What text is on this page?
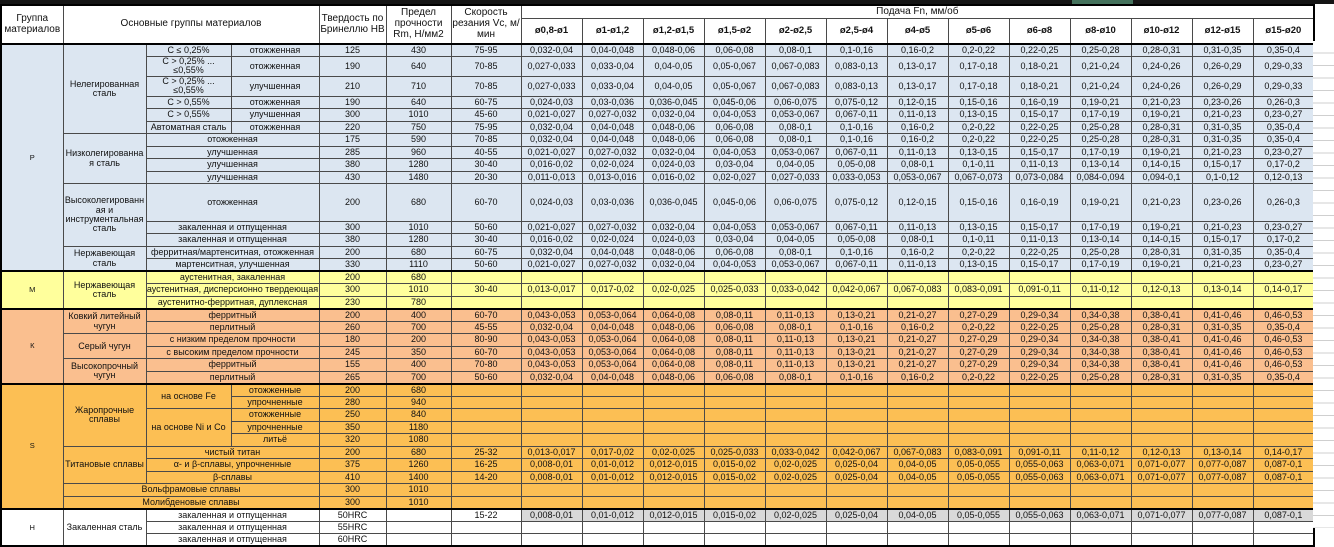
Группа материалов	Основные группы материалов			Твердость по Бринеллю HB	Предел прочности Rm, Н/мм2	Скорость резания Vc, м/мин	Подача Fn, мм/об												
							ø0,8-ø1	ø1-ø1,2	ø1,2-ø1,5	ø1,5-ø2	ø2-ø2,5	ø2,5-ø4	ø4-ø5	ø5-ø6	ø6-ø8	ø8-ø10	ø10-ø12	ø12-ø15	ø15-ø20
Р	Нелегированная сталь	C ≤ 0,25%	отожженная	125	430	75-95	0,032-0,04	0,04-0,048	0,048-0,06	0,06-0,08	0,08-0,1	0,1-0,16	0,16-0,2	0,2-0,22	0,22-0,25	0,25-0,28	0,28-0,31	0,31-0,35	0,35-0,4
		C > 0,25% ... ≤0,55%	отожженная	190	640	70-85	0,027-0,033	0,033-0,04	0,04-0,05	0,05-0,067	0,067-0,083	0,083-0,13	0,13-0,17	0,17-0,18	0,18-0,21	0,21-0,24	0,24-0,26	0,26-0,29	0,29-0,33
		C > 0,25% ... ≤0,55%	улучшенная	210	710	70-85	0,027-0,033	0,033-0,04	0,04-0,05	0,05-0,067	0,067-0,083	0,083-0,13	0,13-0,17	0,17-0,18	0,18-0,21	0,21-0,24	0,24-0,26	0,26-0,29	0,29-0,33
		C > 0,55%	отожженная	190	640	60-75	0,024-0,03	0,03-0,036	0,036-0,045	0,045-0,06	0,06-0,075	0,075-0,12	0,12-0,15	0,15-0,16	0,16-0,19	0,19-0,21	0,21-0,23	0,23-0,26	0,26-0,3
		C > 0,55%	улучшенная	300	1010	45-60	0,021-0,027	0,027-0,032	0,032-0,04	0,04-0,053	0,053-0,067	0,067-0,11	0,11-0,13	0,13-0,15	0,15-0,17	0,17-0,19	0,19-0,21	0,21-0,23	0,23-0,27
		Автоматная сталь	отожженная	220	750	75-95	0,032-0,04	0,04-0,048	0,048-0,06	0,06-0,08	0,08-0,1	0,1-0,16	0,16-0,2	0,2-0,22	0,22-0,25	0,25-0,28	0,28-0,31	0,31-0,35	0,35-0,4
	Низколегированная сталь	отожженная		175	590	70-85	0,032-0,04	0,04-0,048	0,048-0,06	0,06-0,08	0,08-0,1	0,1-0,16	0,16-0,2	0,2-0,22	0,22-0,25	0,25-0,28	0,28-0,31	0,31-0,35	0,35-0,4
		улучшенная		285	960	40-55	0,021-0,027	0,027-0,032	0,032-0,04	0,04-0,053	0,053-0,067	0,067-0,11	0,11-0,13	0,13-0,15	0,15-0,17	0,17-0,19	0,19-0,21	0,21-0,23	0,23-0,27
		улучшенная		380	1280	30-40	0,016-0,02	0,02-0,024	0,024-0,03	0,03-0,04	0,04-0,05	0,05-0,08	0,08-0,1	0,1-0,11	0,11-0,13	0,13-0,14	0,14-0,15	0,15-0,17	0,17-0,2
		улучшенная		430	1480	20-30	0,011-0,013	0,013-0,016	0,016-0,02	0,02-0,027	0,027-0,033	0,033-0,053	0,053-0,067	0,067-0,073	0,073-0,084	0,084-0,094	0,094-0,1	0,1-0,12	0,12-0,13
	Высоколегированная и инструментальная сталь	отожженная		200	680	60-70	0,024-0,03	0,03-0,036	0,036-0,045	0,045-0,06	0,06-0,075	0,075-0,12	0,12-0,15	0,15-0,16	0,16-0,19	0,19-0,21	0,21-0,23	0,23-0,26	0,26-0,3
		закаленная и отпущенная		300	1010	50-60	0,021-0,027	0,027-0,032	0,032-0,04	0,04-0,053	0,053-0,067	0,067-0,11	0,11-0,13	0,13-0,15	0,15-0,17	0,17-0,19	0,19-0,21	0,21-0,23	0,23-0,27
		закаленная и отпущенная		380	1280	30-40	0,016-0,02	0,02-0,024	0,024-0,03	0,03-0,04	0,04-0,05	0,05-0,08	0,08-0,1	0,1-0,11	0,11-0,13	0,13-0,14	0,14-0,15	0,15-0,17	0,17-0,2
	Нержавеющая сталь	ферритная/мартенситная, отожженная		200	680	60-75	0,032-0,04	0,04-0,048	0,048-0,06	0,06-0,08	0,08-0,1	0,1-0,16	0,16-0,2	0,2-0,22	0,22-0,25	0,25-0,28	0,28-0,31	0,31-0,35	0,35-0,4
		мартенситная, улучшенная		330	1110	50-60	0,021-0,027	0,027-0,032	0,032-0,04	0,04-0,053	0,053-0,067	0,067-0,11	0,11-0,13	0,13-0,15	0,15-0,17	0,17-0,19	0,19-0,21	0,21-0,23	0,23-0,27
М	Нержавеющая сталь	аустенитная, закаленная		200	680														
		аустенитная, дисперсионно твердеющая		300	1010	30-40	0,013-0,017	0,017-0,02	0,02-0,025	0,025-0,033	0,033-0,042	0,042-0,067	0,067-0,083	0,083-0,091	0,091-0,11	0,11-0,12	0,12-0,13	0,13-0,14	0,14-0,17
		аустенитно-ферритная, дуплексная		230	780														
К	Ковкий литейный чугун	ферритный		200	400	60-70	0,043-0,053	0,053-0,064	0,064-0,08	0,08-0,11	0,11-0,13	0,13-0,21	0,21-0,27	0,27-0,29	0,29-0,34	0,34-0,38	0,38-0,41	0,41-0,46	0,46-0,53
		перлитный		260	700	45-55	0,032-0,04	0,04-0,048	0,048-0,06	0,06-0,08	0,08-0,1	0,1-0,16	0,16-0,2	0,2-0,22	0,22-0,25	0,25-0,28	0,28-0,31	0,31-0,35	0,35-0,4
	Серый чугун	с низким пределом прочности		180	200	80-90	0,043-0,053	0,053-0,064	0,064-0,08	0,08-0,11	0,11-0,13	0,13-0,21	0,21-0,27	0,27-0,29	0,29-0,34	0,34-0,38	0,38-0,41	0,41-0,46	0,46-0,53
		с высоким пределом прочности		245	350	60-70	0,043-0,053	0,053-0,064	0,064-0,08	0,08-0,11	0,11-0,13	0,13-0,21	0,21-0,27	0,27-0,29	0,29-0,34	0,34-0,38	0,38-0,41	0,41-0,46	0,46-0,53
	Высокопрочный чугун	ферритный		155	400	70-80	0,043-0,053	0,053-0,064	0,064-0,08	0,08-0,11	0,11-0,13	0,13-0,21	0,21-0,27	0,27-0,29	0,29-0,34	0,34-0,38	0,38-0,41	0,41-0,46	0,46-0,53
		перлитный		265	700	50-60	0,032-0,04	0,04-0,048	0,048-0,06	0,06-0,08	0,08-0,1	0,1-0,16	0,16-0,2	0,2-0,22	0,22-0,25	0,25-0,28	0,28-0,31	0,31-0,35	0,35-0,4
S	Жаропрочные сплавы	на основе Fe	отожженные	200	680														
			упрочненные	280	940														
		на основе Ni и Co	отожженные	250	840														
			упрочненные	350	1180														
			литьё	320	1080														
	Титановые сплавы	чистый титан		200	680	25-32	0,013-0,017	0,017-0,02	0,02-0,025	0,025-0,033	0,033-0,042	0,042-0,067	0,067-0,083	0,083-0,091	0,091-0,11	0,11-0,12	0,12-0,13	0,13-0,14	0,14-0,17
		α- и β-сплавы, упрочненные		375	1260	16-25	0,008-0,01	0,01-0,012	0,012-0,015	0,015-0,02	0,02-0,025	0,025-0,04	0,04-0,05	0,05-0,055	0,055-0,063	0,063-0,071	0,071-0,077	0,077-0,087	0,087-0,1
		β-сплавы		410	1400	14-20	0,008-0,01	0,01-0,012	0,012-0,015	0,015-0,02	0,02-0,025	0,025-0,04	0,04-0,05	0,05-0,055	0,055-0,063	0,063-0,071	0,071-0,077	0,077-0,087	0,087-0,1
	Вольфрамовые сплавы			300	1010														
	Молибденовые сплавы			300	1010														
Н	Закаленная сталь	закаленная и отпущенная		50HRC		15-22	0,008-0,01	0,01-0,012	0,012-0,015	0,015-0,02	0,02-0,025	0,025-0,04	0,04-0,05	0,05-0,055	0,055-0,063	0,063-0,071	0,071-0,077	0,077-0,087	0,087-0,1
		закаленная и отпущенная		55HRC															
		закаленная и отпущенная		60HRC															
